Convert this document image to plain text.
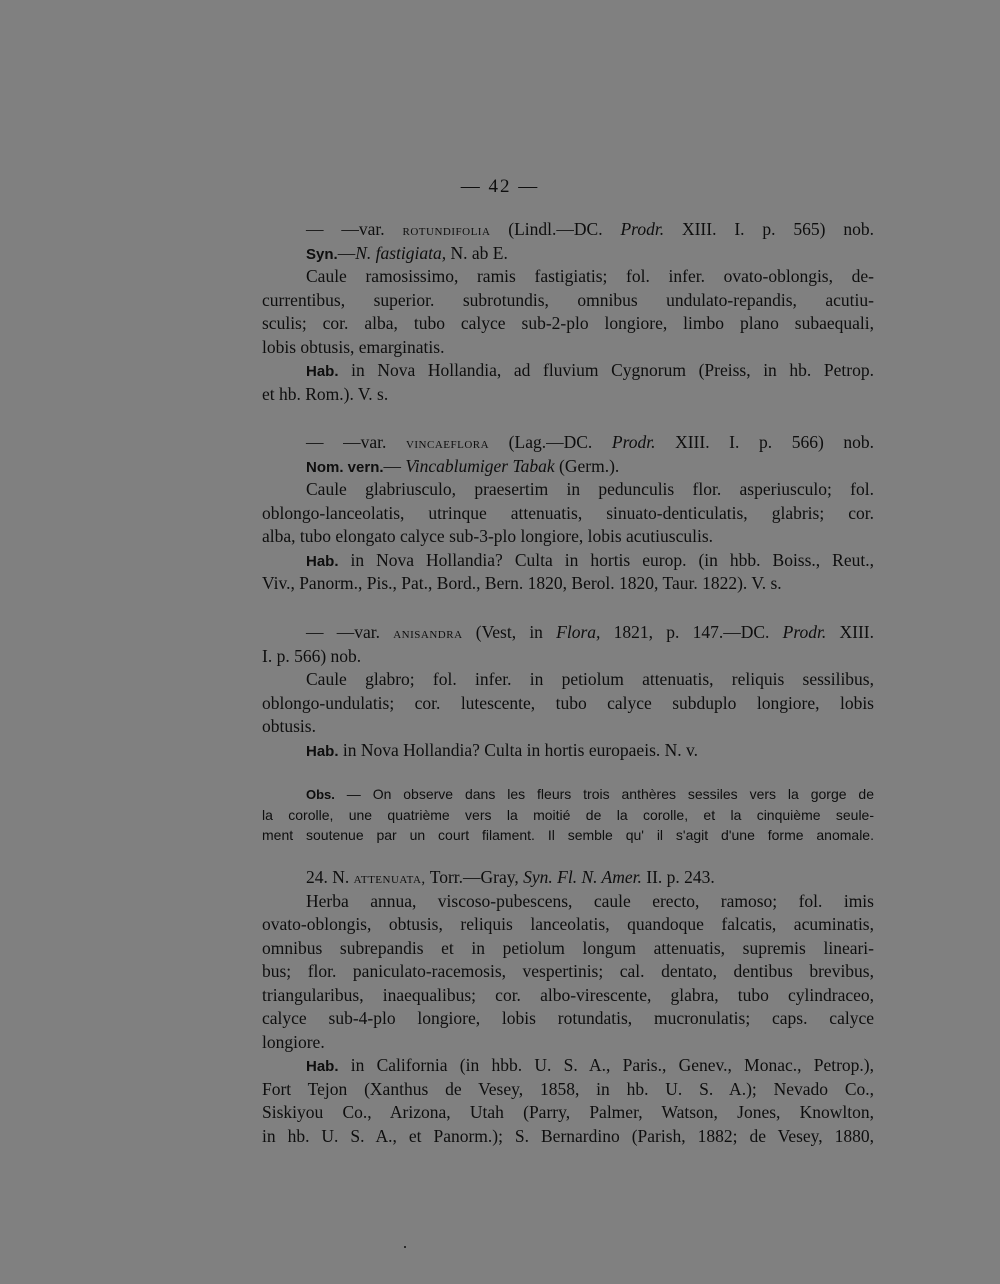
— 42 —
— —var. rotundifolia (Lindl.—DC. Prodr. XIII. I. p. 565) nob.
Syn.—N. fastigiata, N. ab E.
Caule ramosissimo, ramis fastigiatis; fol. infer. ovato-oblongis, de-
currentibus, superior. subrotundis, omnibus undulato-repandis, acutiu-
sculis; cor. alba, tubo calyce sub-2-plo longiore, limbo plano subaequali,
lobis obtusis, emarginatis.
Hab. in Nova Hollandia, ad fluvium Cygnorum (Preiss, in hb. Petrop.
et hb. Rom.). V. s.
— —var. vincaeflora (Lag.—DC. Prodr. XIII. I. p. 566) nob.
Nom. vern.— Vincablumiger Tabak (Germ.).
Caule glabriusculo, praesertim in pedunculis flor. asperiusculo; fol.
oblongo-lanceolatis, utrinque attenuatis, sinuato-denticulatis, glabris; cor.
alba, tubo elongato calyce sub-3-plo longiore, lobis acutiusculis.
Hab. in Nova Hollandia? Culta in hortis europ. (in hbb. Boiss., Reut.,
Viv., Panorm., Pis., Pat., Bord., Bern. 1820, Berol. 1820, Taur. 1822). V. s.
— —var. anisandra (Vest, in Flora, 1821, p. 147.—DC. Prodr. XIII.
I. p. 566) nob.
Caule glabro; fol. infer. in petiolum attenuatis, reliquis sessilibus,
oblongo-undulatis; cor. lutescente, tubo calyce subduplo longiore, lobis
obtusis.
Hab. in Nova Hollandia? Culta in hortis europaeis. N. v.
Obs. — On observe dans les fleurs trois anthères sessiles vers la gorge de
la corolle, une quatrième vers la moitié de la corolle, et la cinquième seule-
ment soutenue par un court filament. Il semble qu' il s'agit d'une forme anomale.
24. N. attenuata, Torr.—Gray, Syn. Fl. N. Amer. II. p. 243.
Herba annua, viscoso-pubescens, caule erecto, ramoso; fol. imis
ovato-oblongis, obtusis, reliquis lanceolatis, quandoque falcatis, acuminatis,
omnibus subrepandis et in petiolum longum attenuatis, supremis lineari-
bus; flor. paniculato-racemosis, vespertinis; cal. dentato, dentibus brevibus,
triangularibus, inaequalibus; cor. albo-virescente, glabra, tubo cylindraceo,
calyce sub-4-plo longiore, lobis rotundatis, mucronulatis; caps. calyce
longiore.
Hab. in California (in hbb. U. S. A., Paris., Genev., Monac., Petrop.),
Fort Tejon (Xanthus de Vesey, 1858, in hb. U. S. A.); Nevado Co.,
Siskiyou Co., Arizona, Utah (Parry, Palmer, Watson, Jones, Knowlton,
in hb. U. S. A., et Panorm.); S. Bernardino (Parish, 1882; de Vesey, 1880,
